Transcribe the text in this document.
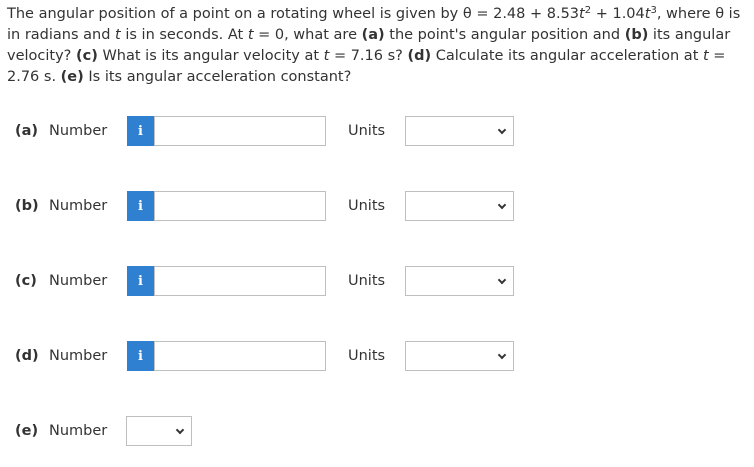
The angular position of a point on a rotating wheel is given by $\theta = 2.48 + 8.53t^2 + 1.04t^3$, where θ is in radians and t is in seconds. At t = 0, what are (a) the point's angular position and (b) its angular velocity? (c) What is its angular velocity at t = 7.16 s? (d) Calculate its angular acceleration at t = 2.76 s. (e) Is its angular acceleration constant?
(a) Number	i	Units
(b) Number	i	Units
(c) Number	i	Units
(d) Number	i	Units
(e) Number
